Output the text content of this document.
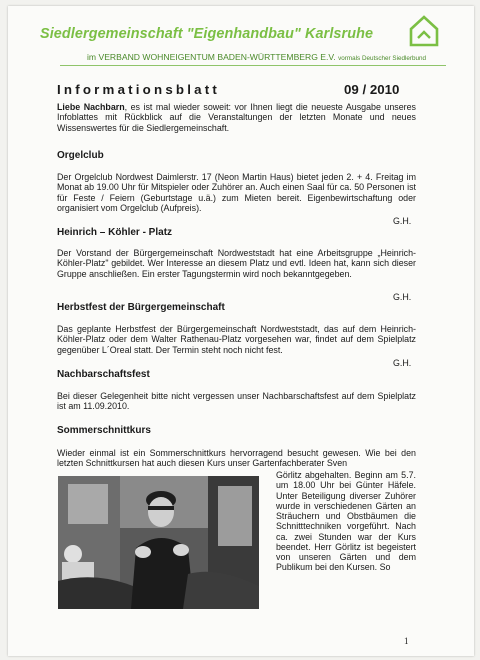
Siedlergemeinschaft "Eigenhandbau" Karlsruhe
im VERBAND WOHNEIGENTUM BADEN-WÜRTTEMBERG E.V. vormals Deutscher Siedlerbund
Informationsblatt	09 / 2010
Liebe Nachbarn, es ist mal wieder soweit: vor Ihnen liegt die neueste Ausgabe unseres Infoblattes mit Rückblick auf die Veranstaltungen der letzten Monate und neues Wissenswertes für die Siedlergemeinschaft.
Orgelclub
Der Orgelclub Nordwest Daimlerstr. 17 (Neon Martin Haus) bietet jeden 2. + 4. Freitag im Monat ab 19.00 Uhr für Mitspieler oder Zuhörer an. Auch einen Saal für ca. 50 Personen ist für Feste / Feiern (Geburtstage u.ä.) zum Mieten bereit. Eigenbewirtschaftung oder organisiert vom Orgelclub (Aufpreis).
G.H.
Heinrich – Köhler - Platz
Der Vorstand der Bürgergemeinschaft Nordweststadt hat eine Arbeitsgruppe „Heinrich-Köhler-Platz" gebildet. Wer Interesse an diesem Platz und evtl. Ideen hat, kann sich dieser Gruppe anschließen. Ein erster Tagungstermin wird noch bekanntgegeben.
G.H.
Herbstfest der Bürgergemeinschaft
Das geplante Herbstfest der Bürgergemeinschaft Nordweststadt, das auf dem Heinrich-Köhler-Platz oder dem Walter Rathenau-Platz vorgesehen war, findet auf dem Spielplatz gegenüber L´Oreal statt. Der Termin steht noch nicht fest.
G.H.
Nachbarschaftsfest
Bei dieser Gelegenheit bitte nicht vergessen unser Nachbarschaftsfest auf dem Spielplatz ist am 11.09.2010.
Sommerschnittkurs
Wieder einmal ist ein Sommerschnittkurs hervorragend besucht gewesen. Wie bei den letzten Schnittkursen hat auch diesen Kurs unser Gartenfachberater Sven
Görlitz abgehalten. Beginn am 5.7. um 18.00 Uhr bei Günter Häfele. Unter Beteiligung diverser Zuhörer wurde in verschiedenen Gärten an Sträuchern und Obstbäumen die Schnitttechniken vorgeführt. Nach ca. zwei Stunden war der Kurs beendet. Herr Görlitz ist begeistert von unseren Gärten und dem Publikum bei den Kursen. So
1
